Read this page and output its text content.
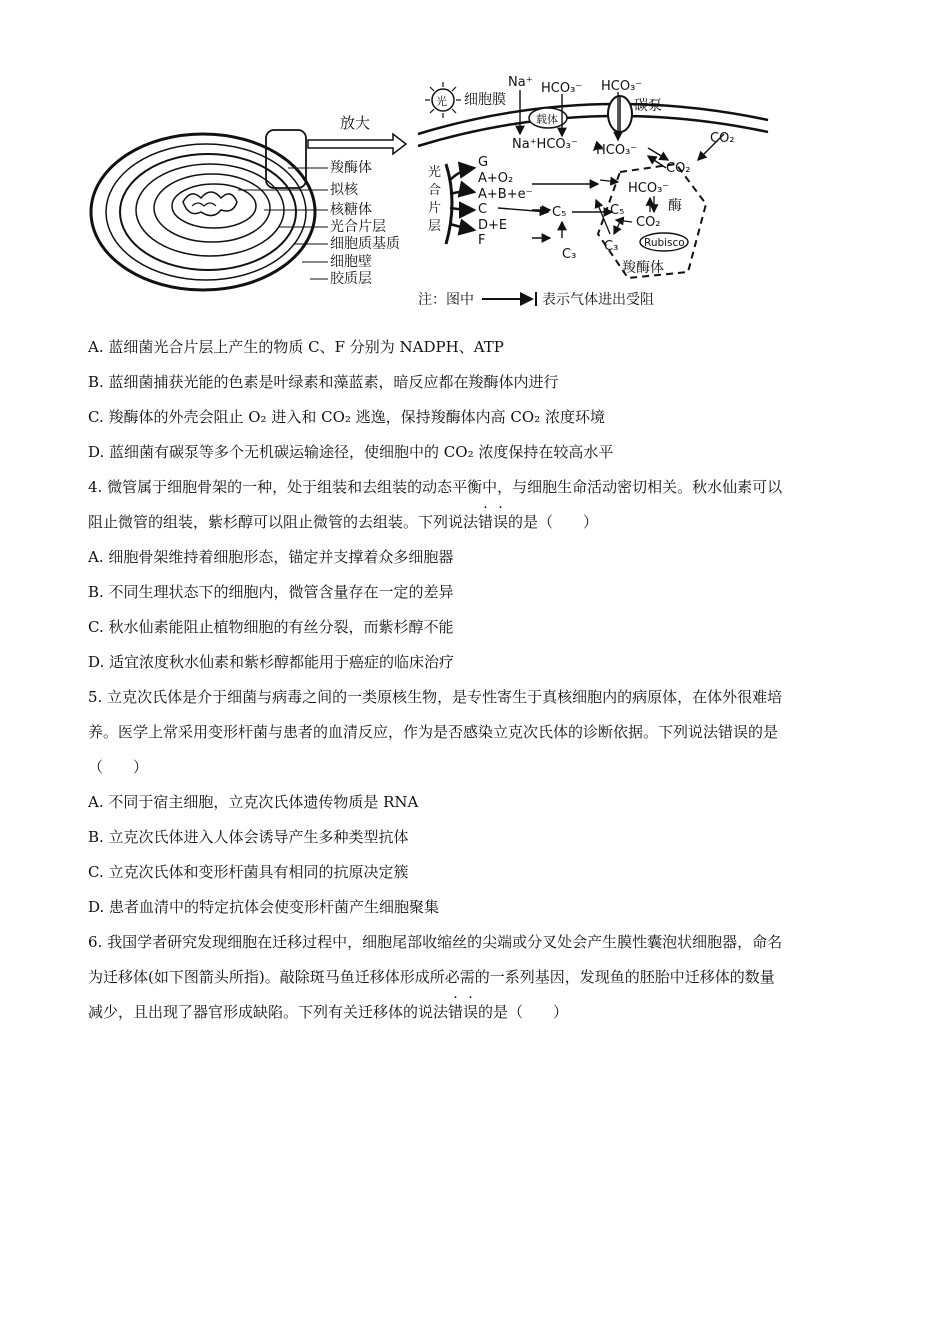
羧酶体
拟核
核糖体
光合片层
细胞质基质
细胞壁
胶质层
放大
光 细胞膜
Na⁺ HCO₃⁻ HCO₃⁻
碳泵
CO₂
Na⁺HCO₃⁻ HCO₃⁻
CO₂
载体
光
合
片
层
G
A+O₂
A+B+e⁻
C
D+E
F
C₅
C₃
HCO₃⁻
酶
CO₂
C₅
C₃
羧酶体
Rubisco
注：图中	表示气体进出受阻
A. 蓝细菌光合片层上产生的物质 C、F 分别为 NADPH、ATP
B. 蓝细菌捕获光能的色素是叶绿素和藻蓝素，暗反应都在羧酶体内进行
C. 羧酶体的外壳会阻止 O₂ 进入和 CO₂ 逃逸，保持羧酶体内高 CO₂ 浓度环境
D. 蓝细菌有碳泵等多个无机碳运输途径，使细胞中的 CO₂ 浓度保持在较高水平
4. 微管属于细胞骨架的一种，处于组装和去组装的动态平衡中，与细胞生命活动密切相关。秋水仙素可以
阻止微管的组装，紫杉醇可以阻止微管的去组装。下列说法错误的是（　　）
A. 细胞骨架维持着细胞形态，锚定并支撑着众多细胞器
B. 不同生理状态下的细胞内，微管含量存在一定的差异
C. 秋水仙素能阻止植物细胞的有丝分裂，而紫杉醇不能
D. 适宜浓度秋水仙素和紫杉醇都能用于癌症的临床治疗
5. 立克次氏体是介于细菌与病毒之间的一类原核生物，是专性寄生于真核细胞内的病原体，在体外很难培
养。医学上常采用变形杆菌与患者的血清反应，作为是否感染立克次氏体的诊断依据。下列说法错误的是
（　　）
A. 不同于宿主细胞，立克次氏体遗传物质是 RNA
B. 立克次氏体进入人体会诱导产生多种类型抗体
C. 立克次氏体和变形杆菌具有相同的抗原决定簇
D. 患者血清中的特定抗体会使变形杆菌产生细胞聚集
6. 我国学者研究发现细胞在迁移过程中，细胞尾部收缩丝的尖端或分叉处会产生膜性囊泡状细胞器，命名
为迁移体(如下图箭头所指)。敲除斑马鱼迁移体形成所必需的一系列基因，发现鱼的胚胎中迁移体的数量
减少，且出现了器官形成缺陷。下列有关迁移体的说法错误的是（　　）
